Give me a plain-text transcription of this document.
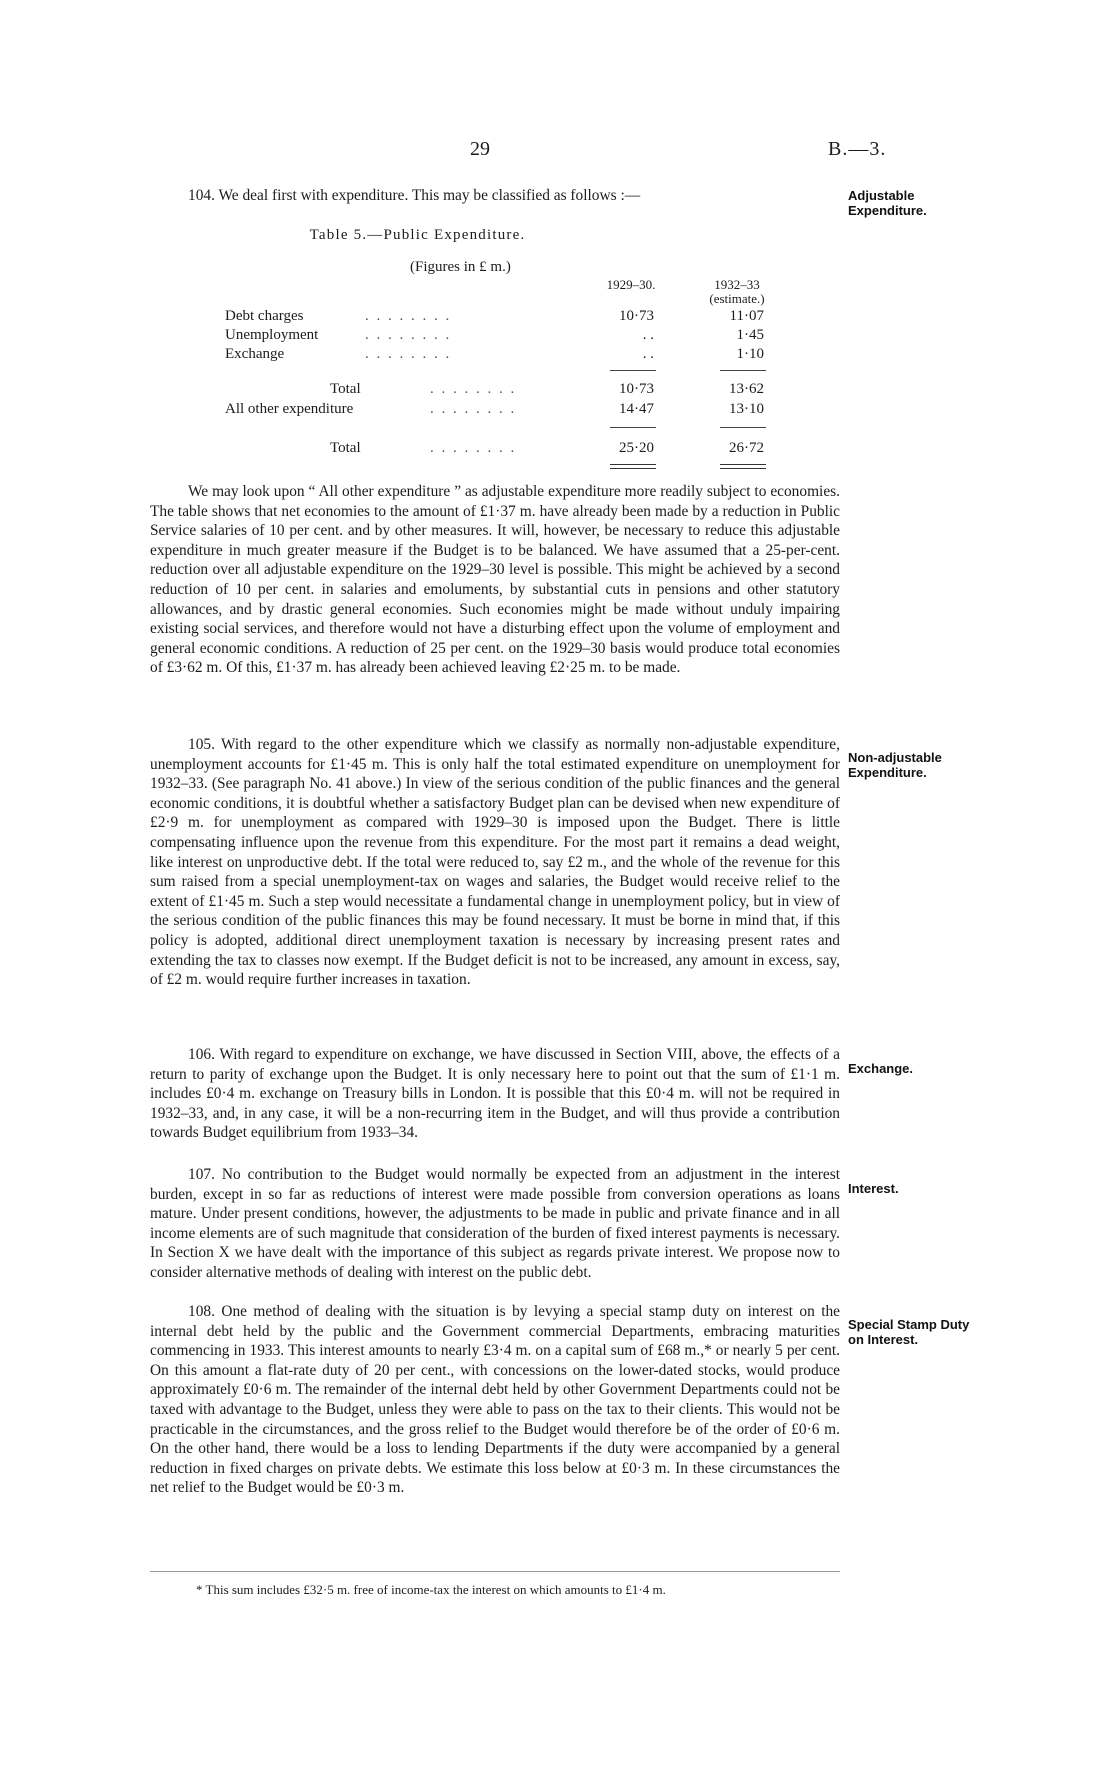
29	B.—3.
Adjustable Expenditure.
Non-adjustable Expenditure.
Exchange.
Interest.
Special Stamp Duty on Interest.

104. We deal first with expenditure. This may be classified as follows :—

Table 5.—Public Expenditure.
(Figures in £ m.)
1929–30.	1932–33
(estimate.)
Debt charges	. . . . . . . .	10·73	11·07
Unemployment	. . . . . . . .	. .	1·45
Exchange	. . . . . . . .	. .	1·10
Total	. . . . . . . .	10·73	13·62
All other expenditure	. . . . . . . .	14·47	13·10
Total	. . . . . . . .	25·20	26·72

We may look upon “ All other expenditure ” as adjustable expenditure more readily subject to economies. The table shows that net economies to the amount of £1·37 m. have already been made by a reduction in Public Service salaries of 10 per cent. and by other measures. It will, however, be necessary to reduce this adjustable expenditure in much greater measure if the Budget is to be balanced. We have assumed that a 25-per-cent. reduction over all adjustable expenditure on the 1929–30 level is possible. This might be achieved by a second reduction of 10 per cent. in salaries and emoluments, by substantial cuts in pensions and other statutory allowances, and by drastic general economies. Such economies might be made without unduly impairing existing social services, and therefore would not have a disturbing effect upon the volume of employment and general economic conditions. A reduction of 25 per cent. on the 1929–30 basis would produce total economies of £3·62 m. Of this, £1·37 m. has already been achieved leaving £2·25 m. to be made.

105. With regard to the other expenditure which we classify as normally non-adjustable expenditure, unemployment accounts for £1·45 m. This is only half the total estimated expenditure on unemployment for 1932–33. (See paragraph No. 41 above.) In view of the serious condition of the public finances and the general economic conditions, it is doubtful whether a satisfactory Budget plan can be devised when new expenditure of £2·9 m. for unemployment as compared with 1929–30 is imposed upon the Budget. There is little compensating influence upon the revenue from this expenditure. For the most part it remains a dead weight, like interest on unproductive debt. If the total were reduced to, say £2 m., and the whole of the revenue for this sum raised from a special unemployment-tax on wages and salaries, the Budget would receive relief to the extent of £1·45 m. Such a step would necessitate a fundamental change in unemployment policy, but in view of the serious condition of the public finances this may be found necessary. It must be borne in mind that, if this policy is adopted, additional direct unemployment taxation is necessary by increasing present rates and extending the tax to classes now exempt. If the Budget deficit is not to be increased, any amount in excess, say, of £2 m. would require further increases in taxation.

106. With regard to expenditure on exchange, we have discussed in Section VIII, above, the effects of a return to parity of exchange upon the Budget. It is only necessary here to point out that the sum of £1·1 m. includes £0·4 m. exchange on Treasury bills in London. It is possible that this £0·4 m. will not be required in 1932–33, and, in any case, it will be a non-recurring item in the Budget, and will thus provide a contribution towards Budget equilibrium from 1933–34.

107. No contribution to the Budget would normally be expected from an adjustment in the interest burden, except in so far as reductions of interest were made possible from conversion operations as loans mature. Under present conditions, however, the adjustments to be made in public and private finance and in all income elements are of such magnitude that consideration of the burden of fixed interest payments is necessary. In Section X we have dealt with the importance of this subject as regards private interest. We propose now to consider alternative methods of dealing with interest on the public debt.

108. One method of dealing with the situation is by levying a special stamp duty on interest on the internal debt held by the public and the Government commercial Departments, embracing maturities commencing in 1933. This interest amounts to nearly £3·4 m. on a capital sum of £68 m.,* or nearly 5 per cent. On this amount a flat-rate duty of 20 per cent., with concessions on the lower-dated stocks, would produce approximately £0·6 m. The remainder of the internal debt held by other Government Departments could not be taxed with advantage to the Budget, unless they were able to pass on the tax to their clients. This would not be practicable in the circumstances, and the gross relief to the Budget would therefore be of the order of £0·6 m. On the other hand, there would be a loss to lending Departments if the duty were accompanied by a general reduction in fixed charges on private debts. We estimate this loss below at £0·3 m. In these circumstances the net relief to the Budget would be £0·3 m.

* This sum includes £32·5 m. free of income-tax the interest on which amounts to £1·4 m.
